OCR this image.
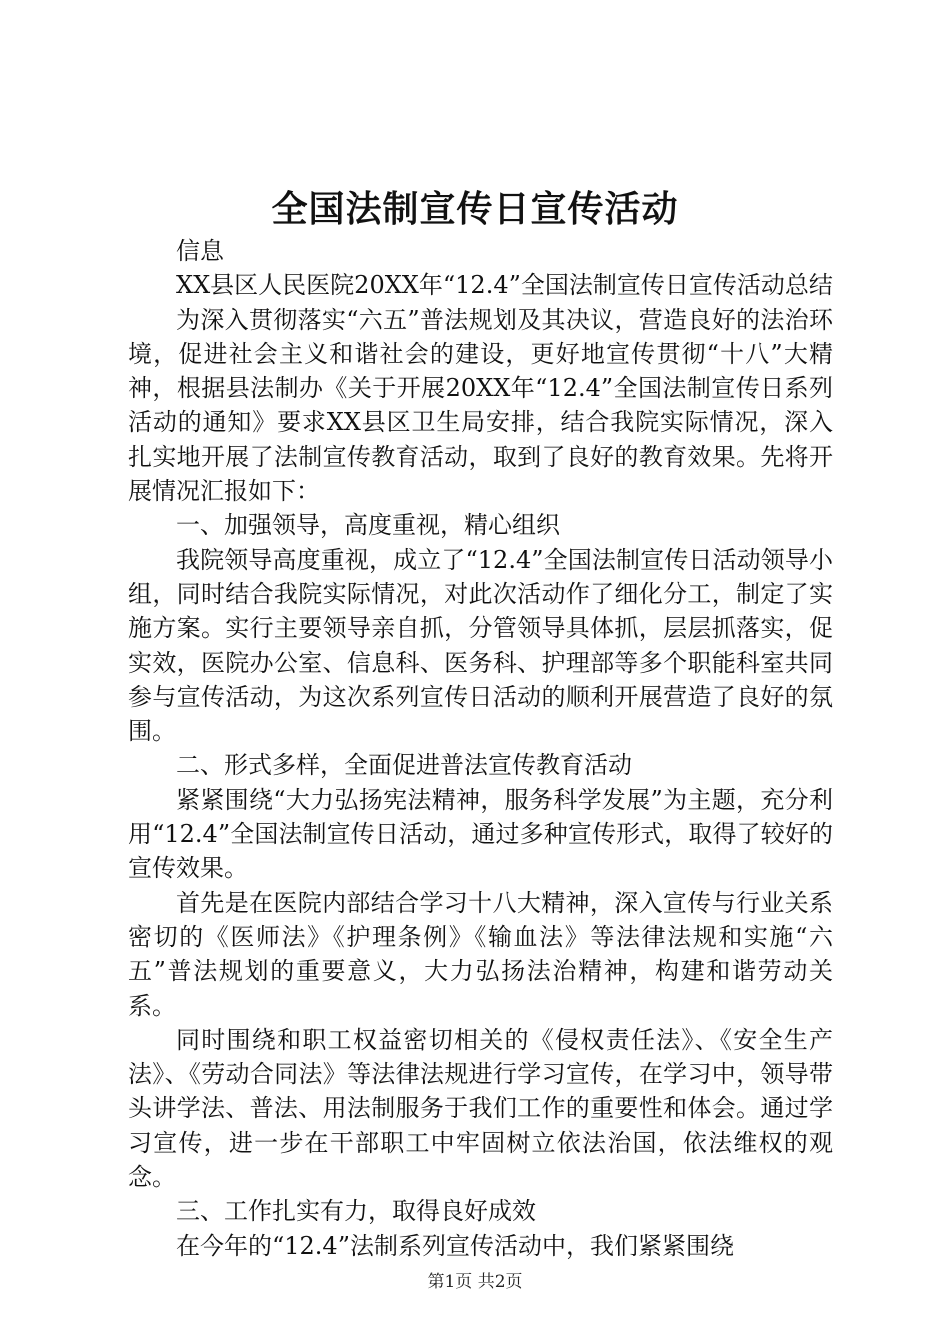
全国法制宣传日宣传活动

信息

XX县区人民医院20XX年“12.4”全国法制宣传日宣传活动总结

为深入贯彻落实“六五”普法规划及其决议，营造良好的法治环境，促进社会主义和谐社会的建设，更好地宣传贯彻“十八”大精神，根据县法制办《关于开展20XX年“12.4”全国法制宣传日系列活动的通知》要求XX县区卫生局安排，结合我院实际情况，深入扎实地开展了法制宣传教育活动，取到了良好的教育效果。先将开展情况汇报如下：

一、加强领导，高度重视，精心组织

我院领导高度重视，成立了“12.4”全国法制宣传日活动领导小组，同时结合我院实际情况，对此次活动作了细化分工，制定了实施方案。实行主要领导亲自抓，分管领导具体抓，层层抓落实，促实效，医院办公室、信息科、医务科、护理部等多个职能科室共同参与宣传活动，为这次系列宣传日活动的顺利开展营造了良好的氛围。

二、形式多样，全面促进普法宣传教育活动

紧紧围绕“大力弘扬宪法精神，服务科学发展”为主题，充分利用“12.4”全国法制宣传日活动，通过多种宣传形式，取得了较好的宣传效果。

首先是在医院内部结合学习十八大精神，深入宣传与行业关系密切的《医师法》《护理条例》《输血法》等法律法规和实施“六五”普法规划的重要意义，大力弘扬法治精神，构建和谐劳动关系。

同时围绕和职工权益密切相关的《侵权责任法》、《安全生产法》、《劳动合同法》等法律法规进行学习宣传，在学习中，领导带头讲学法、普法、用法制服务于我们工作的重要性和体会。通过学习宣传，进一步在干部职工中牢固树立依法治国，依法维权的观念。

三、工作扎实有力，取得良好成效

在今年的“12.4”法制系列宣传活动中，我们紧紧围绕

第1页 共2页
